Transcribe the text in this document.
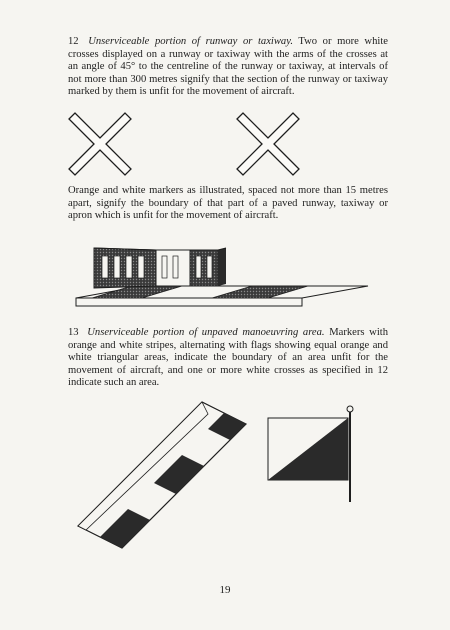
12 Unserviceable portion of runway or taxiway. Two or more white crosses displayed on a runway or taxiway with the arms of the crosses at an angle of 45° to the centreline of the runway or taxiway, at intervals of not more than 300 metres signify that the section of the runway or taxiway marked by them is unfit for the movement of aircraft.

Orange and white markers as illustrated, spaced not more than 15 metres apart, signify the boundary of that part of a paved runway, taxiway or apron which is unfit for the movement of aircraft.

13 Unserviceable portion of unpaved manoeuvring area. Markers with orange and white stripes, alternating with flags showing equal orange and white triangular areas, indicate the boundary of an area unfit for the movement of aircraft, and one or more white crosses as specified in 12 indicate such an area.

19
